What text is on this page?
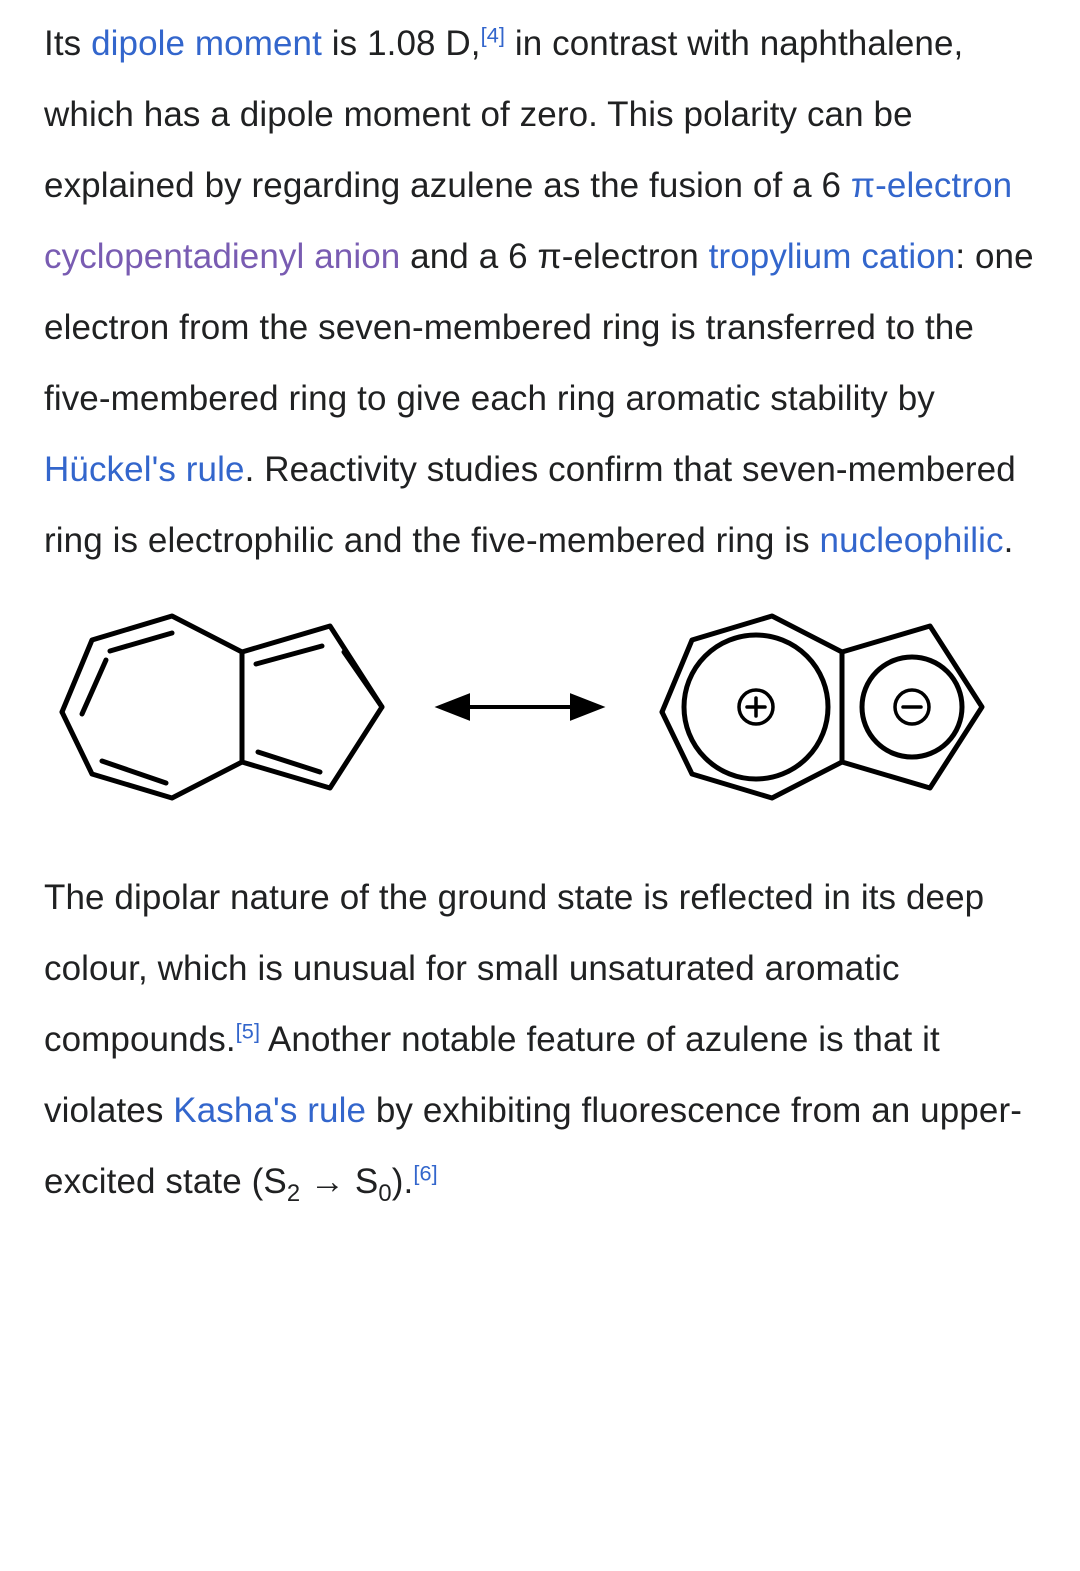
Its dipole moment is 1.08 D,[4] in contrast with naphthalene, which has a dipole moment of zero. This polarity can be explained by regarding azulene as the fusion of a 6 π-electron cyclopentadienyl anion and a 6 π-electron tropylium cation: one electron from the seven-membered ring is transferred to the five-membered ring to give each ring aromatic stability by Hückel's rule. Reactivity studies confirm that seven-membered ring is electrophilic and the five-membered ring is nucleophilic.

The dipolar nature of the ground state is reflected in its deep colour, which is unusual for small unsaturated aromatic compounds.[5] Another notable feature of azulene is that it violates Kasha's rule by exhibiting fluorescence from an upper-excited state $(S_2 \to S_0).[6]$
